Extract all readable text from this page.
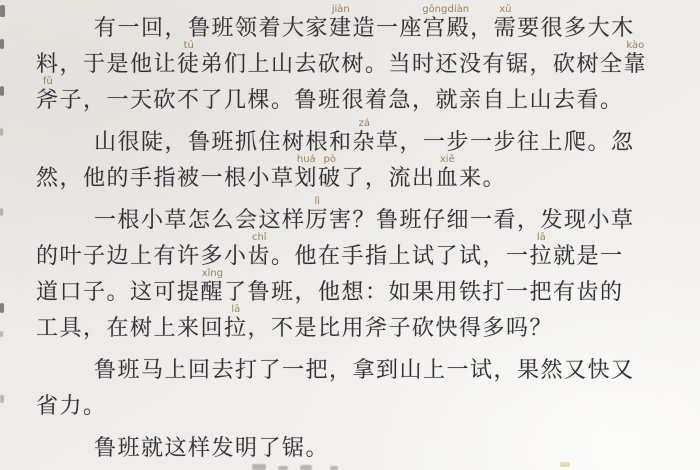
有一回，鲁班领着大家
jiàn
建造一座
gōng
宫
diàn
殿，
xū
需要很多大木
料，于是他让
tú
徒弟们上山去砍树。当时还没有锯，砍树全
kào
靠
fǔ
斧子，一天砍不了几棵。鲁班很着急，就亲自上山去看。
山很陡，鲁班抓住树根和
zá
杂草，一步一步往上爬。忽
然，他的手指被一根小草
huá
划
pò
破了，流出
xiě
血来。
一根小草怎么会这样
lì
厉害？鲁班仔细一看，发现小草
的叶子边上有许多小
chǐ
齿。他在手指上试了试，一
lā
拉就是一
道口子。这可提
xǐng
醒了鲁班，他想：如果用铁打一把有齿的
工具，在树上来回
lā
拉，不是比用斧子砍快得多吗？
鲁班马上回去打了一把，拿到山上一试，果然又快又
省力。
鲁班就这样发明了锯。
